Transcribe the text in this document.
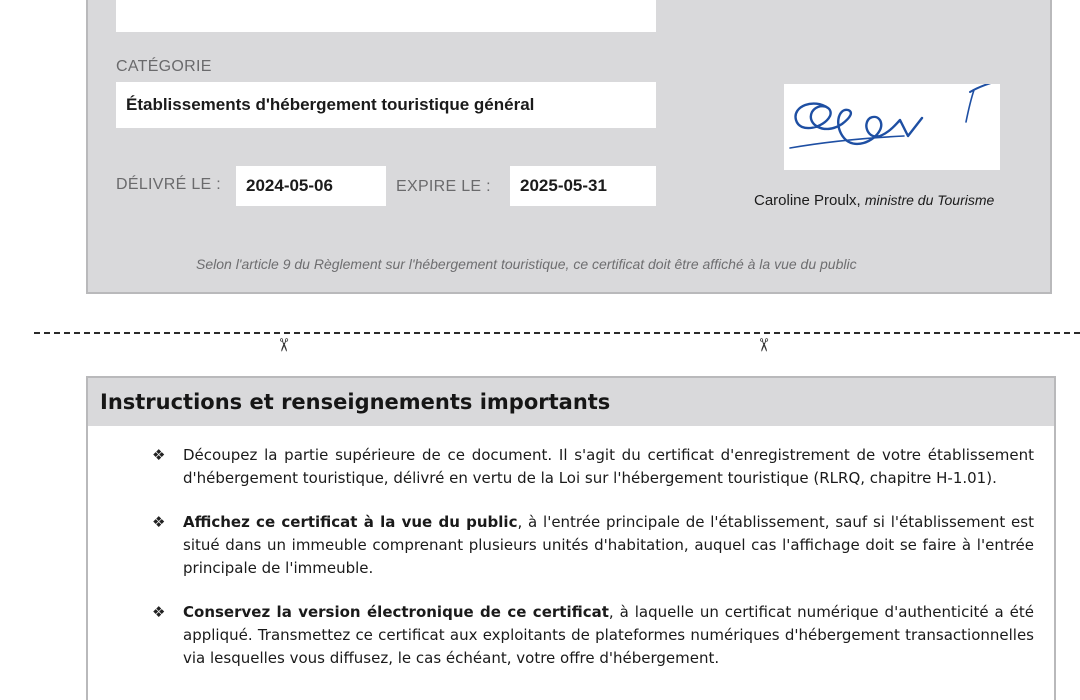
CATÉGORIE
Établissements d'hébergement touristique général
DÉLIVRÉ LE :	2024-05-06	EXPIRE LE :	2025-05-31
Caroline Proulx, ministre du Tourisme
Selon l'article 9 du Règlement sur l'hébergement touristique, ce certificat doit être affiché à la vue du public
✂	✂
Instructions et renseignements importants
❖ Découpez la partie supérieure de ce document. Il s'agit du certificat d'enregistrement de votre établissement d'hébergement touristique, délivré en vertu de la Loi sur l'hébergement touristique (RLRQ, chapitre H-1.01).
❖ Affichez ce certificat à la vue du public, à l'entrée principale de l'établissement, sauf si l'établissement est situé dans un immeuble comprenant plusieurs unités d'habitation, auquel cas l'affichage doit se faire à l'entrée principale de l'immeuble.
❖ Conservez la version électronique de ce certificat, à laquelle un certificat numérique d'authenticité a été appliqué. Transmettez ce certificat aux exploitants de plateformes numériques d'hébergement transactionnelles via lesquelles vous diffusez, le cas échéant, votre offre d'hébergement.
